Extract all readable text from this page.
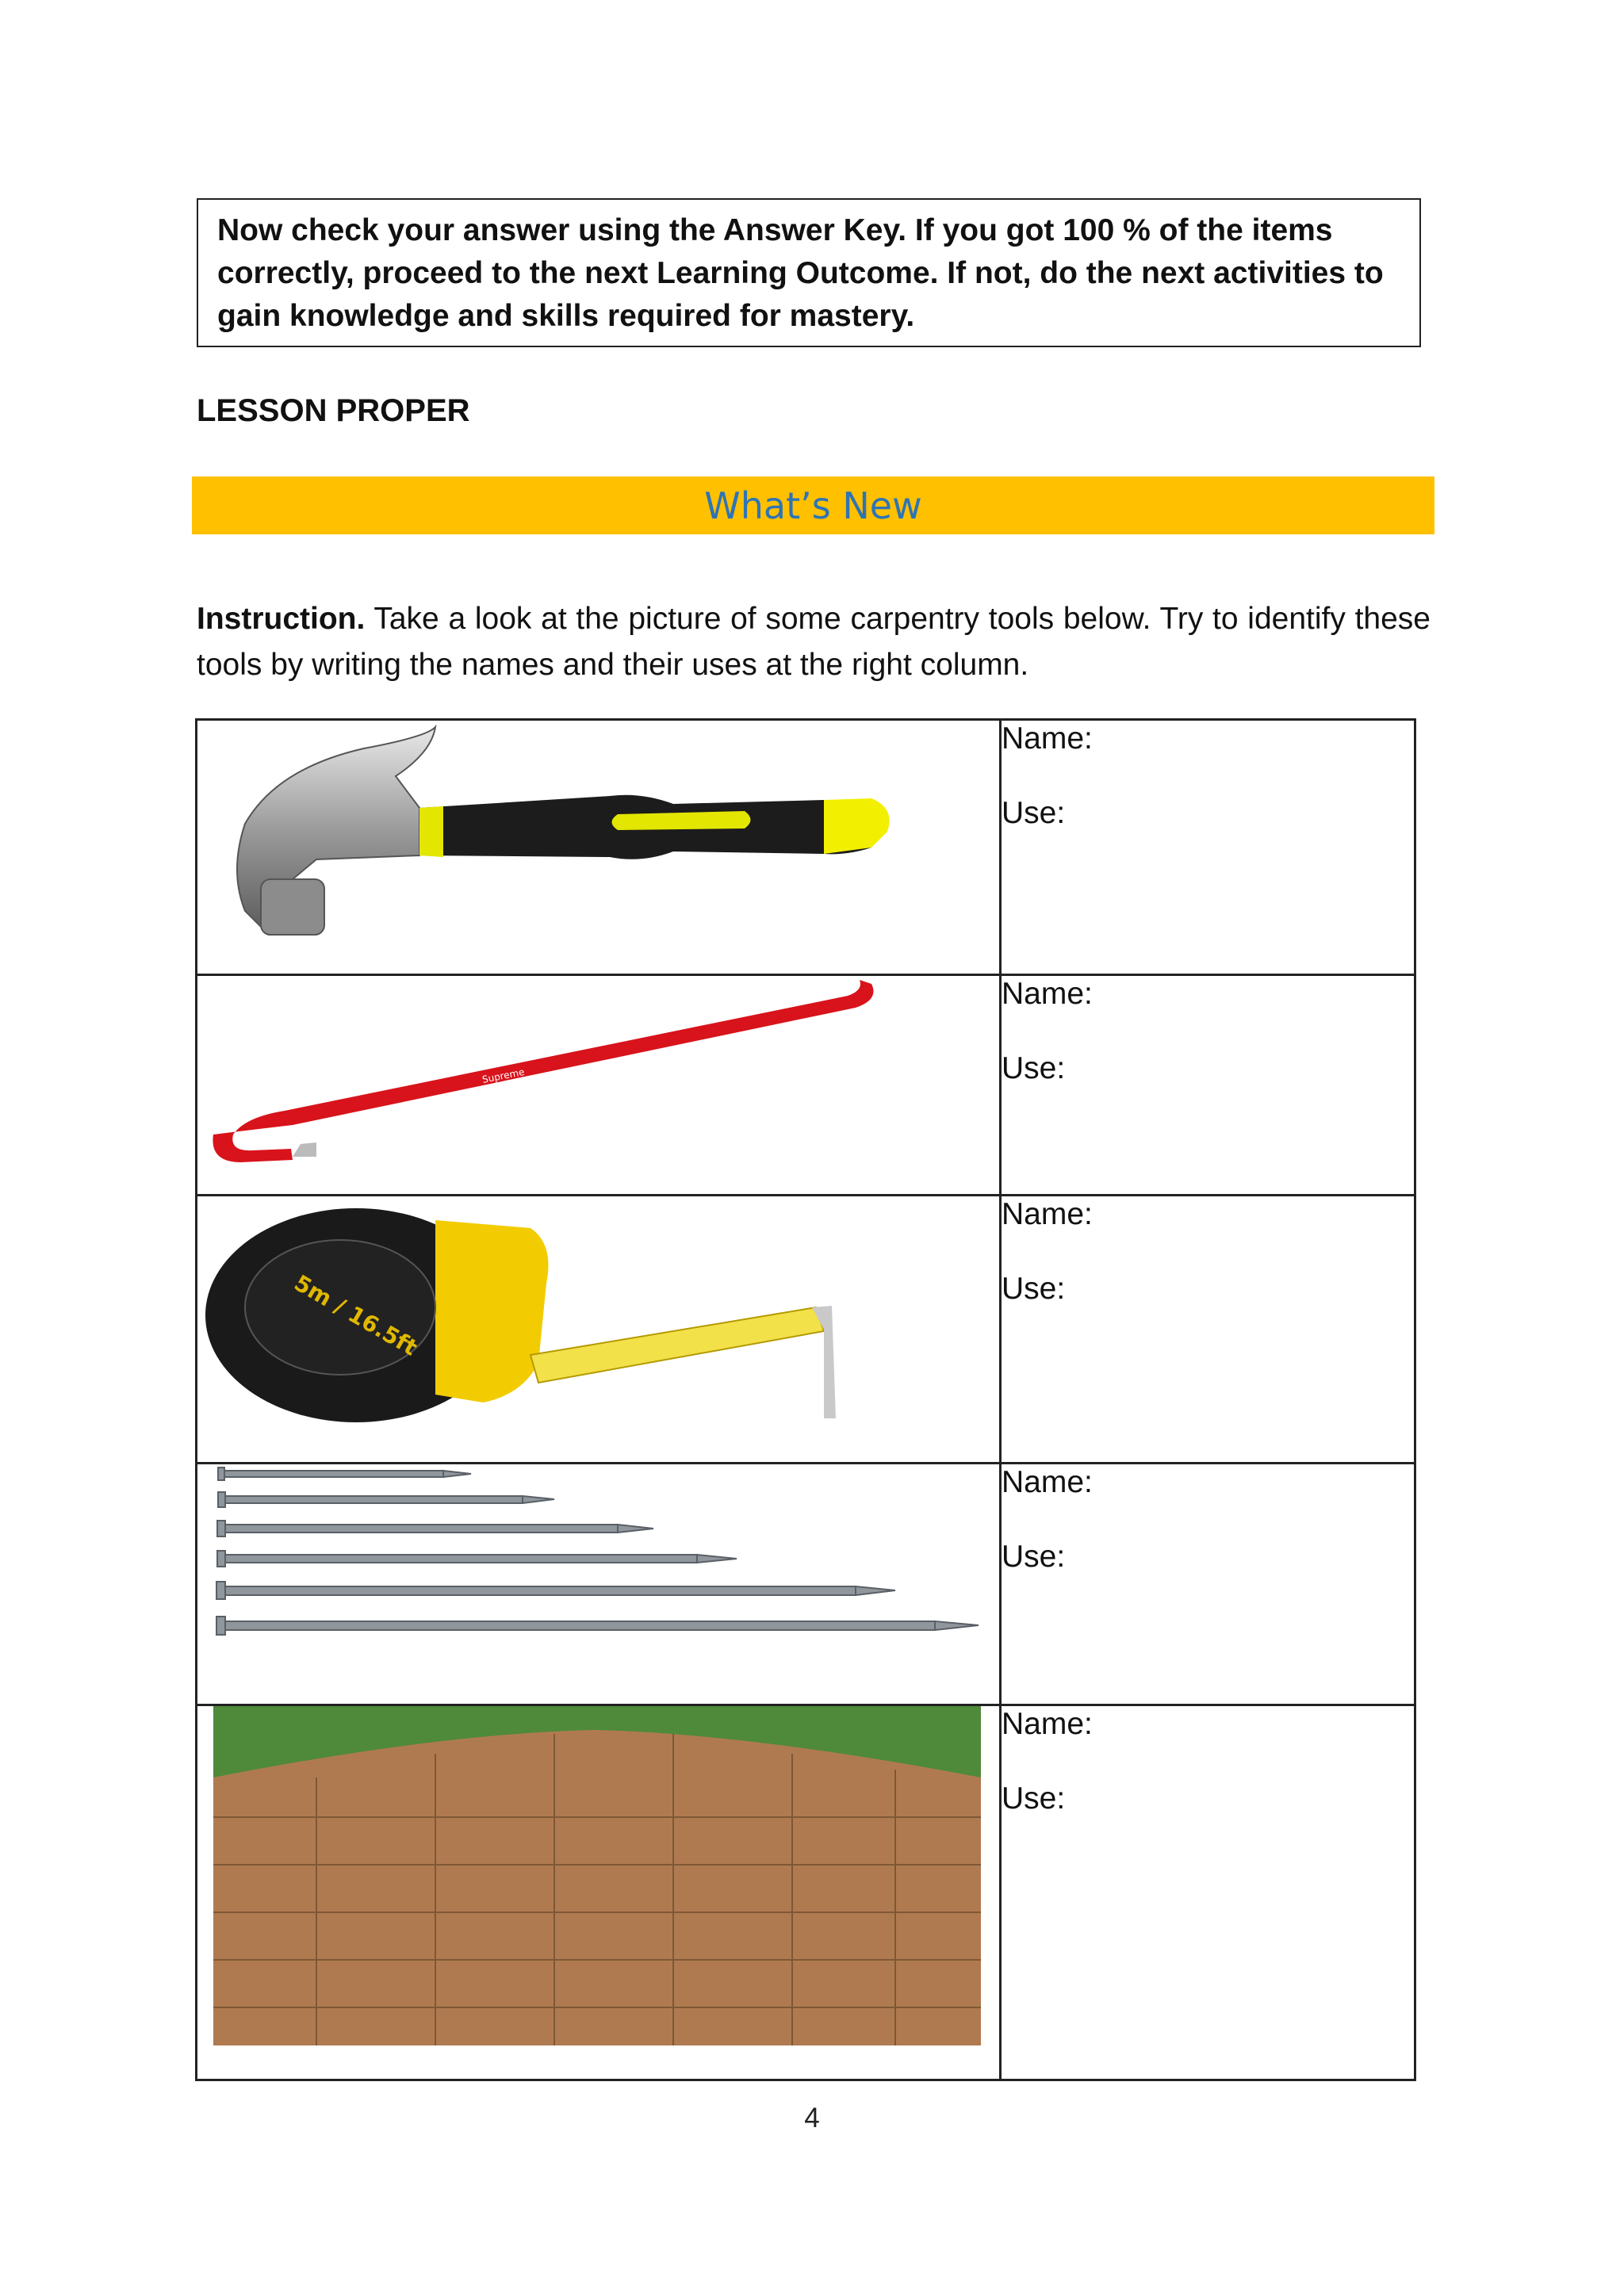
Now check your answer using the Answer Key. If you got 100 % of the items correctly, proceed to the next Learning Outcome. If not, do the next activities to gain knowledge and skills required for mastery.
LESSON PROPER
What’s New
Instruction. Take a look at the picture of some carpentry tools below. Try to identify these tools by writing the names and their uses at the right column.

Name:
Use:

Supreme	Name:
Use:

5m / 16.5ft	Name:
Use:

Name:
Use:

Name:
Use:
4
